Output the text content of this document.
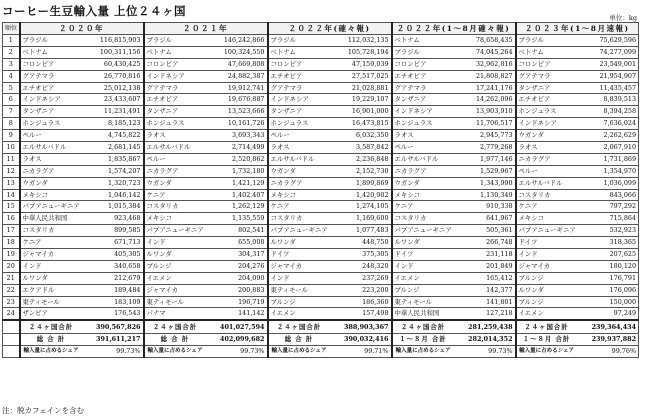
コーヒー生豆輸入量 上位２４ヶ国	単位：kg
順位	２０２０年		２０２１年		２０２２年(確々報)		２０２２年(1～8月確々報)		２０２３年(1～8月速報)	
1	ブラジル	116,815,903	ブラジル	146,242,866	ブラジル	112,032,135	ベトナム	78,658,435	ブラジル	75,629,596
2	ベトナム	100,311,156	ベトナム	100,324,550	ベトナム	105,728,194	ブラジル	74,045,264	ベトナム	74,277,099
3	コロンビア	60,430,425	コロンビア	47,669,808	コロンビア	47,159,039	コロンビア	32,962,816	コロンビア	23,549,001
4	グアテマラ	26,770,816	インドネシア	24,882,387	エチオピア	27,517,025	エチオピア	21,808,827	グアテマラ	21,954,907
5	エチオピア	25,012,138	グアテマラ	19,912,741	グアテマラ	21,028,881	グアテマラ	17,241,176	タンザニア	11,435,457
6	インドネシア	23,433,607	エチオピア	19,676,887	インドネシア	19,229,107	タンザニア	14,262,096	エチオピア	8,839,513
7	タンザニア	11,231,491	タンザニア	13,523,666	タンザニア	16,901,000	インドネシア	13,903,910	ホンジュラス	8,394,258
8	ホンジュラス	8,185,123	ホンジュラス	10,161,726	ホンジュラス	16,473,815	ホンジュラス	11,706,517	インドネシア	7,636,024
9	ペルー	4,745,822	ラオス	3,693,343	ペルー	6,032,350	ラオス	2,945,773	ウガンダ	2,262,629
10	エルサルバドル	2,681,145	エルサルバドル	2,714,499	ラオス	3,587,842	ペルー	2,779,268	ラオス	2,067,910
11	ラオス	1,835,867	ペルー	2,520,862	エルサルバドル	2,236,848	エルサルバドル	1,977,146	ニカラグア	1,731,869
12	ニカラグア	1,574,207	ニカラグア	1,732,180	ウガンダ	2,152,730	ニカラグア	1,529,967	ペルー	1,354,970
13	ウガンダ	1,320,723	ウガンダ	1,421,129	ニカラグア	1,899,869	ウガンダ	1,343,990	エルサルバドル	1,036,099
14	メキシコ	1,046,142	ケニア	1,402,407	メキシコ	1,420,902	メキシコ	1,130,349	コスタリカ	843,066
15	パプアニューギニア	1,015,384	コスタリカ	1,262,129	ケニア	1,274,105	ケニア	910,338	ケニア	797,292
16	中華人民共和国	923,468	メキシコ	1,135,559	コスタリカ	1,169,600	コスタリカ	641,967	メキシコ	715,864
17	コスタリカ	899,585	パプアニューギニア	802,541	パプアニューギニア	1,077,483	パプアニューギニア	505,361	パプアニューギニア	532,923
18	ケニア	671,713	インド	655,008	ルワンダ	448,750	ルワンダ	266,748	ドイツ	318,365
19	ジャマイカ	405,305	ルワンダ	304,317	ドイツ	375,305	ドイツ	231,118	インド	207,625
20	インド	340,658	ブルンジ	204,276	ジャマイカ	248,320	インド	201,849	ジャマイカ	180,120
21	ルワンダ	212,679	イエメン	204,090	インド	237,269	イエメン	165,412	ブルンジ	176,791
22	エクアドル	189,484	ジャマイカ	200,883	東ティモール	223,200	ブルンジ	142,377	ルワンダ	176,096
23	東ティモール	183,109	東ティモール	196,719	ブルンジ	186,360	東ティモール	141,801	ブルンジ	150,000
24	ザンビア	176,543	パナマ	141,142	イエメン	157,498	中華人民共和国	127,218	イエメン	97,249
	２４ヶ国合計	390,567,826	２４ヶ国合計	401,027,594	２４ヶ国合計	388,903,367	２４ヶ国合計	281,259,438	２４ヶ国合計	239,364,434
	総 合 計	391,611,217	総 合 計	402,099,682	総 合 計	390,032,416	１～８月 合計	282,014,352	１～８月 合計	239,937,882
	輸入量に占めるシェア	99.73%	輸入量に占めるシェア	99.73%	輸入量に占めるシェア	99.71%	輸入量に占めるシェア	99.73%	輸入量に占めるシェア	99.76%
注：脱カフェインを含む
